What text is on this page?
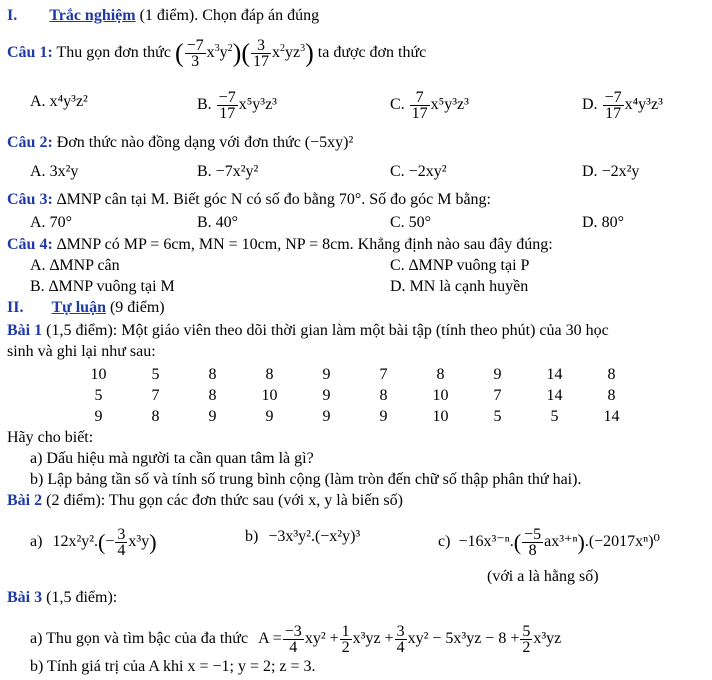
I. Trắc nghiệm (1 điểm). Chọn đáp án đúng
Câu 1: Thu gọn đơn thức ( $\frac{-7}{3} x^3y^2)( \frac{3}{17} x^2yz^3)$ ta được đơn thức
A. x⁴y³z²	B. $\frac{-7}{17} x^5y^3z^3$	C. $\frac{7}{17} x^5y^3z^3$	D. $\frac{-7}{17} x^4y^3z^3$
Câu 2: Đơn thức nào đồng dạng với đơn thức (−5xy)²
A. 3x²y	B. −7x²y²	C. −2xy²	D. −2x²y
Câu 3: ∆MNP cân tại M. Biết góc N có số đo bằng 70°. Số đo góc M bằng:
A. 70°	B. 40°	C. 50°	D. 80°
Câu 4: ∆MNP có MP = 6cm, MN = 10cm, NP = 8cm. Khẳng định nào sau đây đúng:
A. ∆MNP cân	C. ∆MNP vuông tại P
B. ∆MNP vuông tại M	D. MN là cạnh huyền
II. Tự luận (9 điểm)
Bài 1 (1,5 điểm): Một giáo viên theo dõi thời gian làm một bài tập (tính theo phút) của 30 học
sinh và ghi lại như sau:
10	5	8	8	9	7	8	9	14	8
5	7	8	10	9	8	10	7	14	8
9	8	9	9	9	9	10	5	5	14
Hãy cho biết:
a) Dấu hiệu mà người ta cần quan tâm là gì?
b) Lập bảng tần số và tính số trung bình cộng (làm tròn đến chữ số thập phân thứ hai).
Bài 2 (2 điểm): Thu gọn các đơn thức sau (với x, y là biến số)
a) $12x^2y^2.(- \frac{3}{4} x^3y)$	b) −3x³y².(−x²y)³	$c) -16x^{3-n}.( \frac{-5}{8} ax^{3+n}).(-2017x^n)^0$
(với a là hằng số)
Bài 3 (1,5 điểm):
a) Thu gọn và tìm bậc của đa thức $A = \frac{-3}{4} xy^2 + \frac{1}{2} x^3yz + \frac{3}{4} xy^2 - 5x^3yz - 8 + \frac{5}{2} x^3yz$
b) Tính giá trị của A khi x = −1; y = 2; z = 3.
